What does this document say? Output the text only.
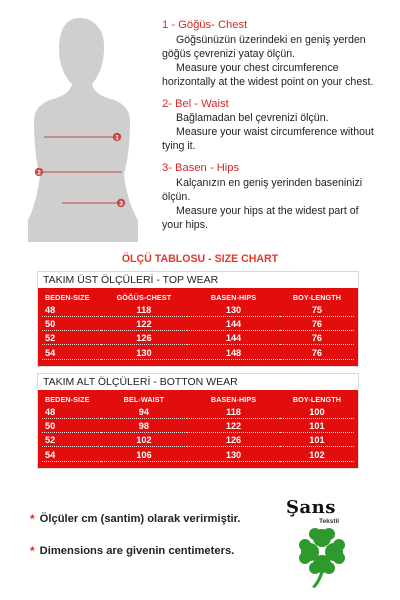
1
2
3
1 - Göğüs- Chest

Göğsünüzün üzerindeki en geniş yerden

göğüs çevrenizi yatay ölçün.

Measure your chest circumference

horizontally at the widest point on your chest.

2- Bel - Waist

Bağlamadan bel çevrenizi ölçün.

Measure your waist circumference without

tying it.

3- Basen - Hips

Kalçanızın en geniş yerinden baseninizi

ölçün.

Measure your hips at the widest part of

your hips.

ÖLÇÜ TABLOSU - SIZE CHART
TAKIM ÜST ÖLÇÜLERİ - TOP WEAR
BEDEN-SIZE	GÖĞÜS-CHEST	BASEN-HIPS	BOY-LENGTH
48	118	130	75
50	122	144	76
52	126	144	76
54	130	148	76
TAKIM ALT ÖLÇÜLERİ - BOTTON WEAR
BEDEN-SIZE	BEL-WAIST	BASEN-HIPS	BOY-LENGTH
48	94	118	100
50	98	122	101
52	102	126	101
54	106	130	102
* Ölçüler cm (santim) olarak verirmiştir.
* Dimensions are givenin centimeters.
Şans
Tekstil
